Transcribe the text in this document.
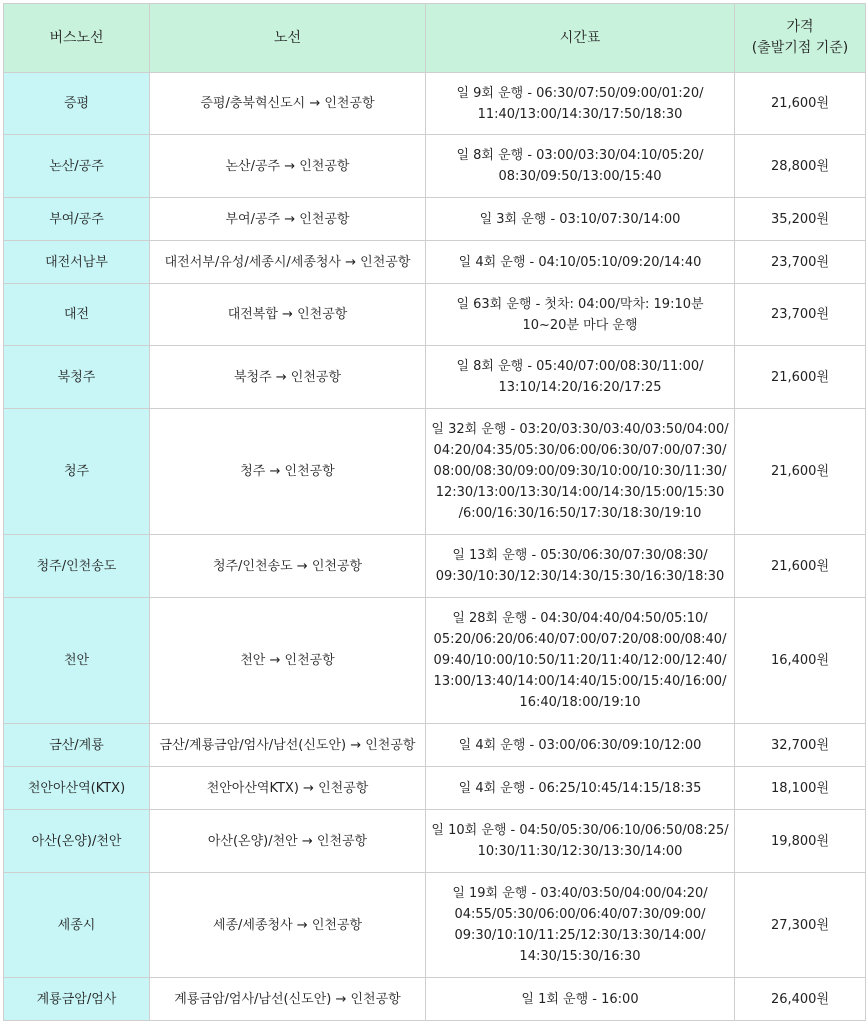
버스노선	노선	시간표	가격
(출발기점 기준)
증평	증평/충북혁신도시 → 인천공항	일 9회 운행 - 06:30/07:50/09:00/01:20/
11:40/13:00/14:30/17:50/18:30	21,600원
논산/공주	논산/공주 → 인천공항	일 8회 운행 - 03:00/03:30/04:10/05:20/
08:30/09:50/13:00/15:40	28,800원
부여/공주	부여/공주 → 인천공항	일 3회 운행 - 03:10/07:30/14:00	35,200원
대전서남부	대전서부/유성/세종시/세종청사 → 인천공항	일 4회 운행 - 04:10/05:10/09:20/14:40	23,700원
대전	대전복합 → 인천공항	일 63회 운행 - 첫차: 04:00/막차: 19:10분
10~20분 마다 운행	23,700원
북청주	북청주 → 인천공항	일 8회 운행 - 05:40/07:00/08:30/11:00/
13:10/14:20/16:20/17:25	21,600원
청주	청주 → 인천공항	일 32회 운행 - 03:20/03:30/03:40/03:50/04:00/
04:20/04:35/05:30/06:00/06:30/07:00/07:30/
08:00/08:30/09:00/09:30/10:00/10:30/11:30/
12:30/13:00/13:30/14:00/14:30/15:00/15:30
/6:00/16:30/16:50/17:30/18:30/19:10	21,600원
청주/인천송도	청주/인천송도 → 인천공항	일 13회 운행 - 05:30/06:30/07:30/08:30/
09:30/10:30/12:30/14:30/15:30/16:30/18:30	21,600원
천안	천안 → 인천공항	일 28회 운행 - 04:30/04:40/04:50/05:10/
05:20/06:20/06:40/07:00/07:20/08:00/08:40/
09:40/10:00/10:50/11:20/11:40/12:00/12:40/
13:00/13:40/14:00/14:40/15:00/15:40/16:00/
16:40/18:00/19:10	16,400원
금산/계룡	금산/계룡금암/엄사/남선(신도안) → 인천공항	일 4회 운행 - 03:00/06:30/09:10/12:00	32,700원
천안아산역(KTX)	천안아산역KTX) → 인천공항	일 4회 운행 - 06:25/10:45/14:15/18:35	18,100원
아산(온양)/천안	아산(온양)/천안 → 인천공항	일 10회 운행 - 04:50/05:30/06:10/06:50/08:25/
10:30/11:30/12:30/13:30/14:00	19,800원
세종시	세종/세종청사 → 인천공항	일 19회 운행 - 03:40/03:50/04:00/04:20/
04:55/05:30/06:00/06:40/07:30/09:00/
09:30/10:10/11:25/12:30/13:30/14:00/
14:30/15:30/16:30	27,300원
계룡금암/엄사	계룡금암/엄사/남선(신도안) → 인천공항	일 1회 운행 - 16:00	26,400원
